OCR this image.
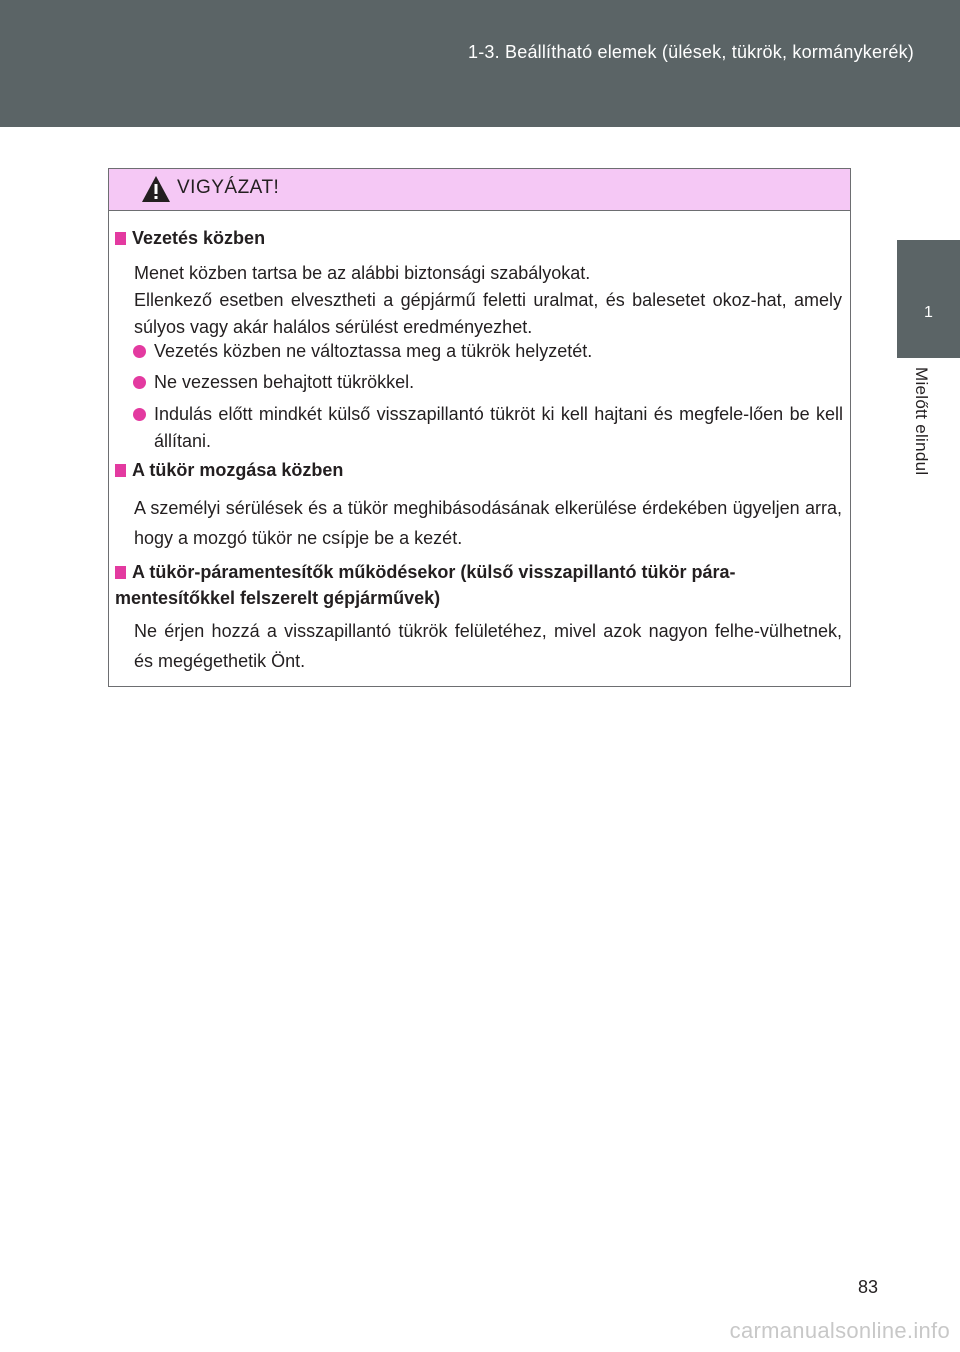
1-3. Beállítható elemek (ülések, tükrök, kormánykerék)
1
Mielőtt elindul
VIGYÁZAT!
Vezetés közben
Menet közben tartsa be az alábbi biztonsági szabályokat.
Ellenkező esetben elvesztheti a gépjármű feletti uralmat, és balesetet okoz-hat, amely súlyos vagy akár halálos sérülést eredményezhet.
Vezetés közben ne változtassa meg a tükrök helyzetét.
Ne vezessen behajtott tükrökkel.
Indulás előtt mindkét külső visszapillantó tükröt ki kell hajtani és megfele-lően be kell állítani.
A tükör mozgása közben
A személyi sérülések és a tükör meghibásodásának elkerülése érdekében ügyeljen arra, hogy a mozgó tükör ne csípje be a kezét.
A tükör-páramentesítők működésekor (külső visszapillantó tükör pára-mentesítőkkel felszerelt gépjárművek)
Ne érjen hozzá a visszapillantó tükrök felületéhez, mivel azok nagyon felhe-vülhetnek, és megégethetik Önt.
83
carmanualsonline.info
